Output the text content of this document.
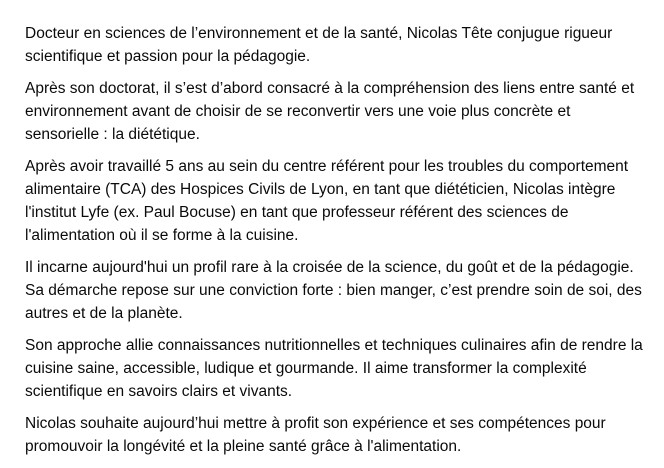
Docteur en sciences de l’environnement et de la santé, Nicolas Tête conjugue rigueur scientifique et passion pour la pédagogie.

Après son doctorat, il s’est d’abord consacré à la compréhension des liens entre santé et environnement avant de choisir de se reconvertir vers une voie plus concrète et sensorielle : la diététique.

Après avoir travaillé 5 ans au sein du centre référent pour les troubles du comportement alimentaire (TCA) des Hospices Civils de Lyon, en tant que diététicien, Nicolas intègre l'institut Lyfe (ex. Paul Bocuse) en tant que professeur référent des sciences de l'alimentation où il se forme à la cuisine.

Il incarne aujourd'hui un profil rare à la croisée de la science, du goût et de la pédagogie. Sa démarche repose sur une conviction forte : bien manger, c’est prendre soin de soi, des autres et de la planète.

Son approche allie connaissances nutritionnelles et techniques culinaires afin de rendre la cuisine saine, accessible, ludique et gourmande. Il aime transformer la complexité scientifique en savoirs clairs et vivants.

Nicolas souhaite aujourd’hui mettre à profit son expérience et ses compétences pour promouvoir la longévité et la pleine santé grâce à l'alimentation.
